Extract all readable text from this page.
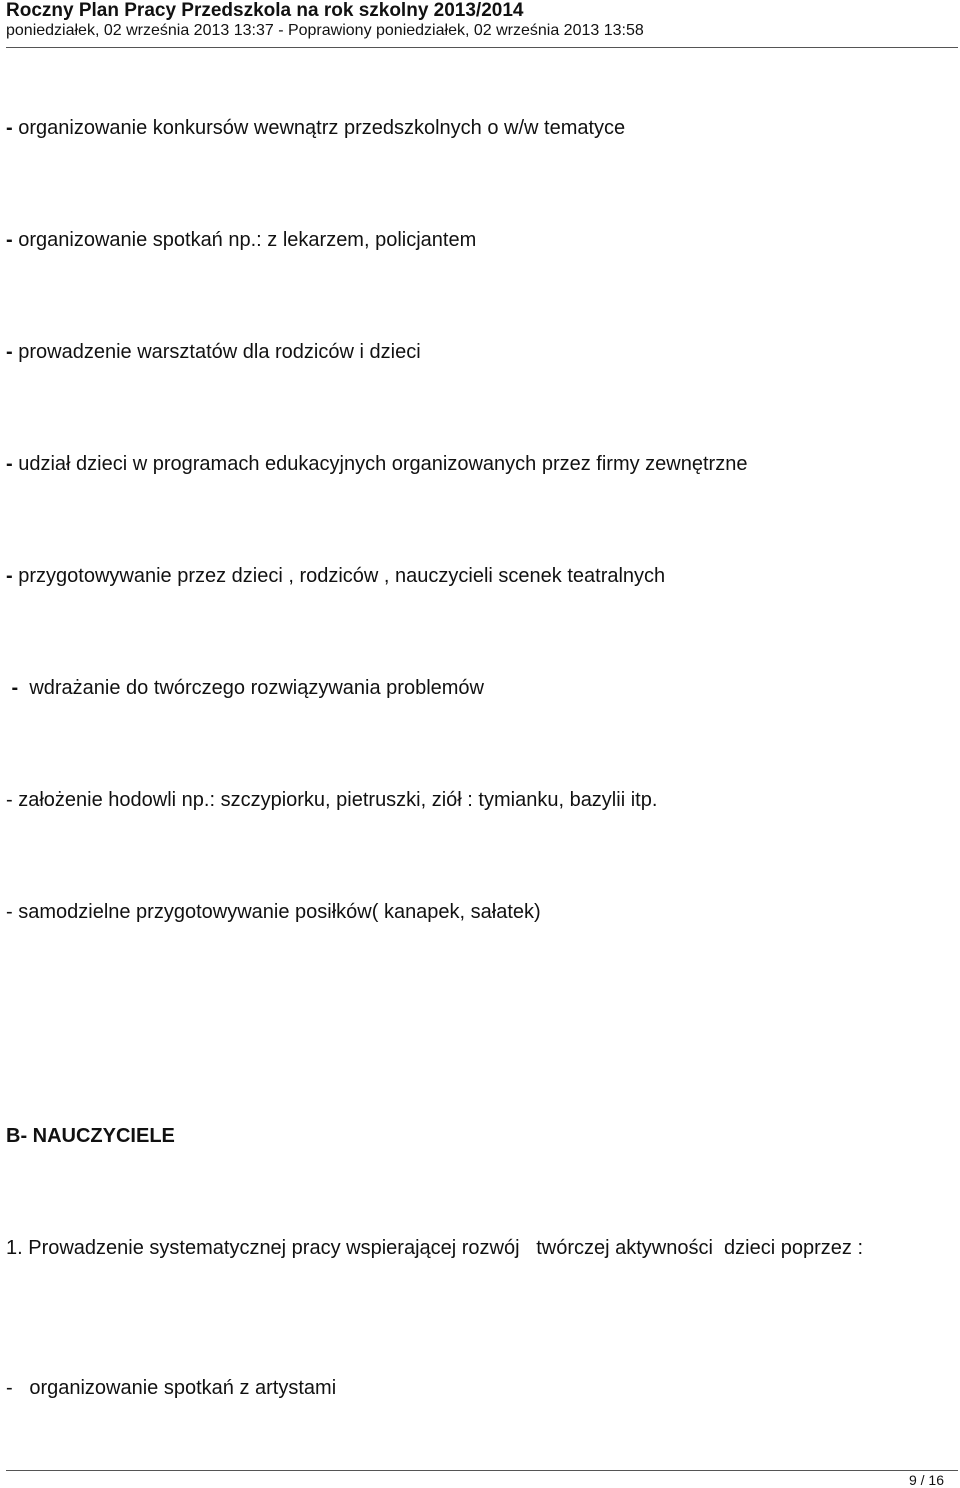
Roczny Plan Pracy Przedszkola na rok szkolny 2013/2014
poniedziałek, 02 września 2013 13:37 - Poprawiony poniedziałek, 02 września 2013 13:58
- organizowanie konkursów wewnątrz przedszkolnych o w/w tematyce
- organizowanie spotkań np.: z lekarzem, policjantem
- prowadzenie warsztatów dla rodziców i dzieci
- udział dzieci w programach edukacyjnych organizowanych przez firmy zewnętrzne
- przygotowywanie przez dzieci , rodziców , nauczycieli scenek teatralnych
-  wdrażanie do twórczego rozwiązywania problemów
- założenie hodowli np.: szczypiorku, pietruszki, ziół : tymianku, bazylii itp.
- samodzielne przygotowywanie posiłków( kanapek, sałatek)
B- NAUCZYCIELE
1. Prowadzenie systematycznej pracy wspierającej rozwój   twórczej aktywności  dzieci poprzez :
-   organizowanie spotkań z artystami
9 / 16
